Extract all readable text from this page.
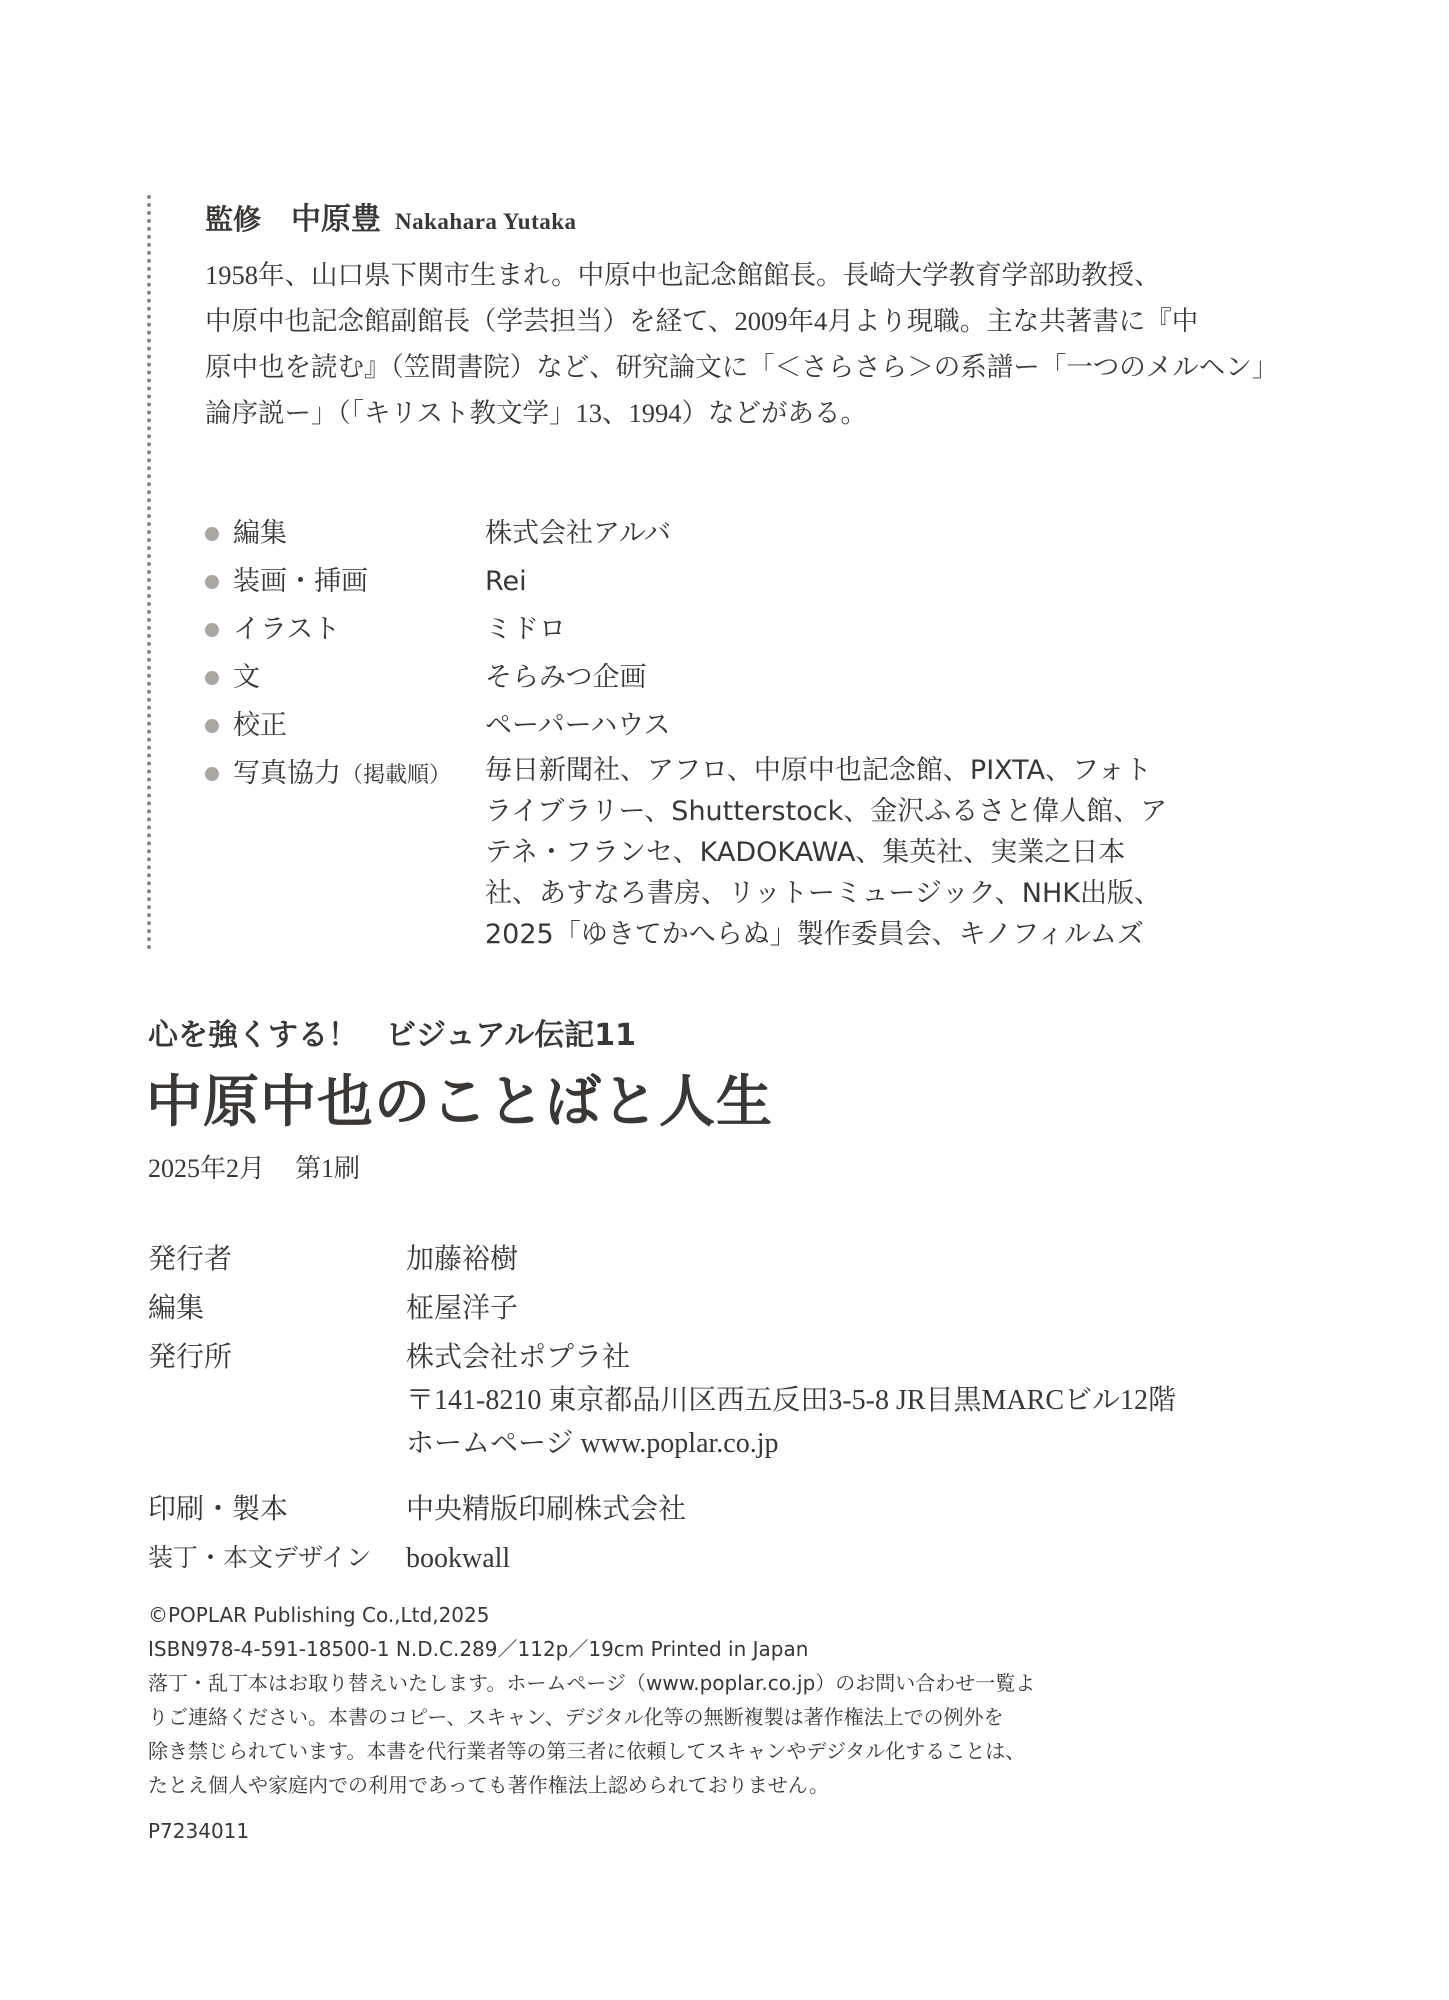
監修 中原豊 Nakahara Yutaka
1958年、山口県下関市生まれ。中原中也記念館館長。長崎大学教育学部助教授、
中原中也記念館副館長（学芸担当）を経て、2009年4月より現職。主な共著書に『中
原中也を読む』（笠間書院）など、研究論文に「＜さらさら＞の系譜ー「一つのメルヘン」
論序説ー」（「キリスト教文学」13、1994）などがある。
編集	株式会社アルバ
装画・挿画	Rei
イラスト	ミドロ
文	そらみつ企画
校正	ペーパーハウス
写真協力（掲載順） 毎日新聞社、アフロ、中原中也記念館、PIXTA、フォト
ライブラリー、Shutterstock、金沢ふるさと偉人館、ア
テネ・フランセ、KADOKAWA、集英社、実業之日本
社、あすなろ書房、リットーミュージック、NHK出版、
2025「ゆきてかへらぬ」製作委員会、キノフィルムズ
心を強くする！ ビジュアル伝記11
中原中也のことばと人生
2025年2月 第1刷
発行者	加藤裕樹
編集	柾屋洋子
発行所	株式会社ポプラ社
〒141-8210 東京都品川区西五反田3-5-8 JR目黒MARCビル12階
ホームページ www.poplar.co.jp
印刷・製本	中央精版印刷株式会社
装丁・本文デザイン bookwall
©POPLAR Publishing Co.,Ltd,2025
ISBN978-4-591-18500-1 N.D.C.289／112p／19cm Printed in Japan
落丁・乱丁本はお取り替えいたします。ホームページ（www.poplar.co.jp）のお問い合わせ一覧よ
りご連絡ください。本書のコピー、スキャン、デジタル化等の無断複製は著作権法上での例外を
除き禁じられています。本書を代行業者等の第三者に依頼してスキャンやデジタル化することは、
たとえ個人や家庭内での利用であっても著作権法上認められておりません。
P7234011
